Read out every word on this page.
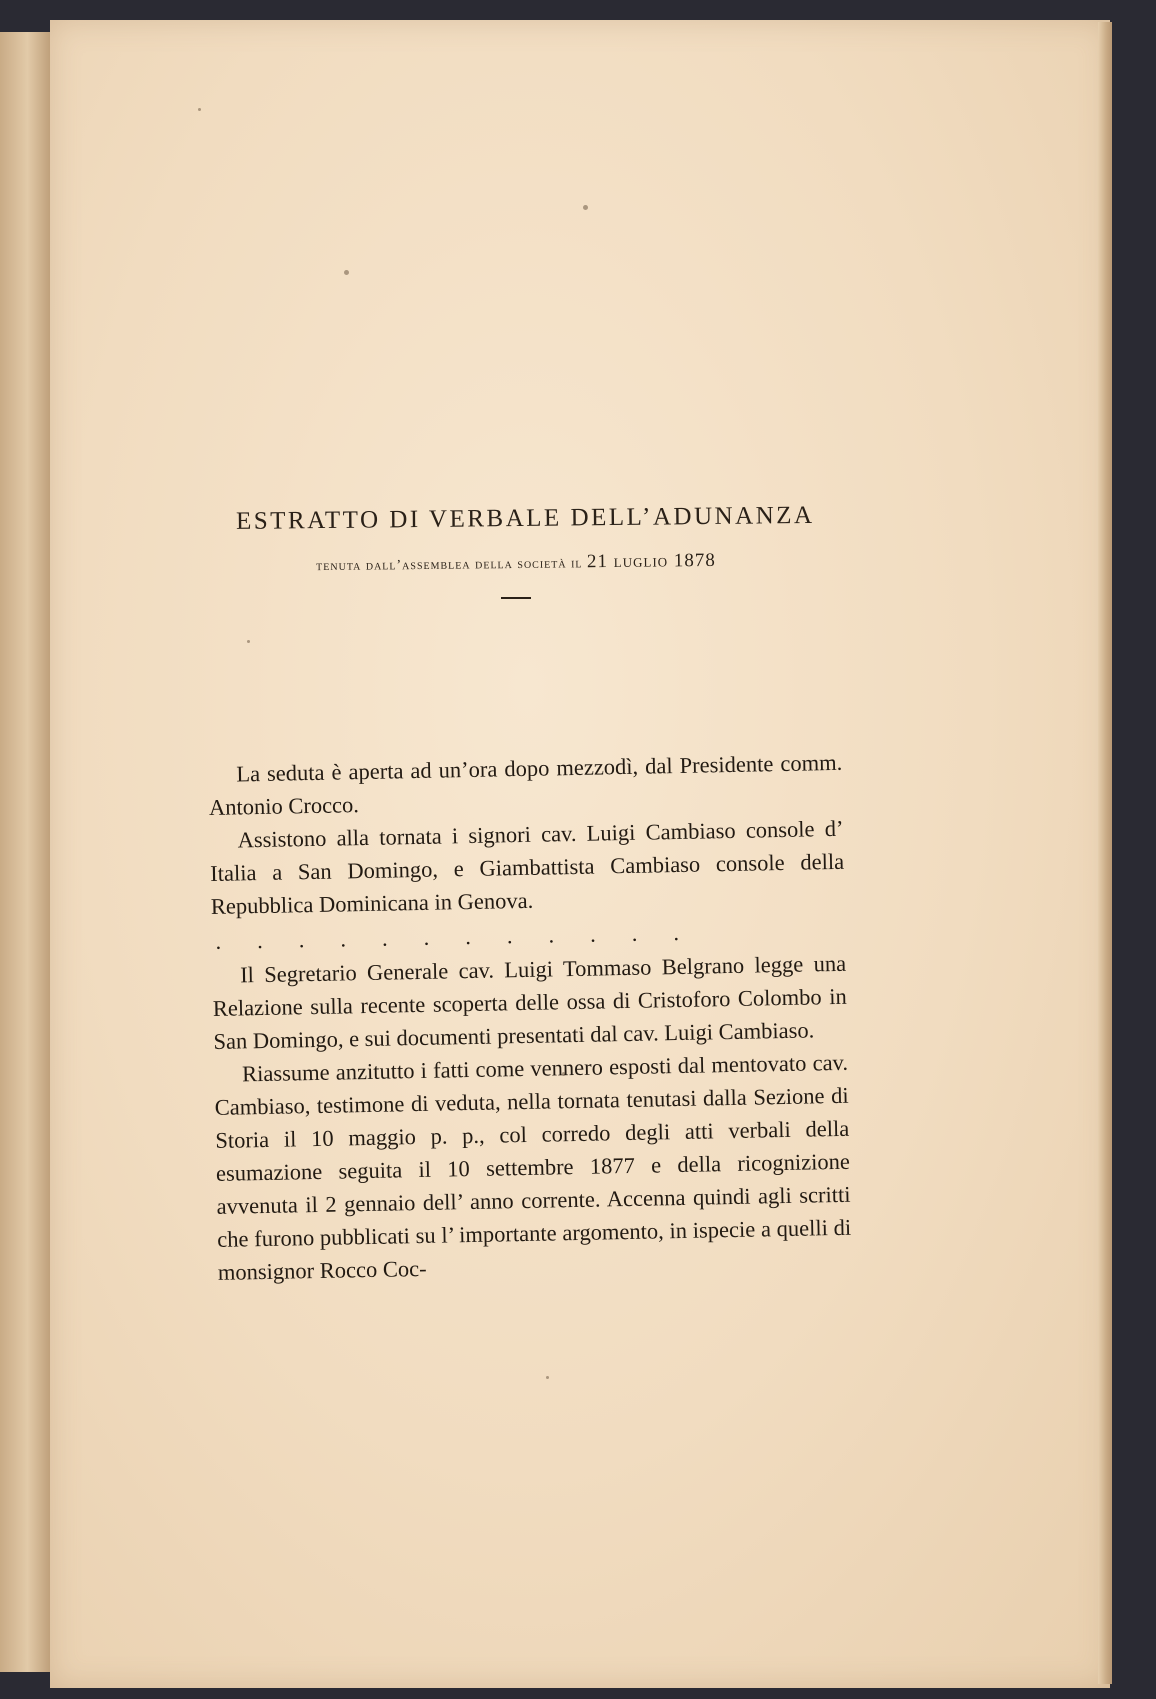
ESTRATTO DI VERBALE DELL’ADUNANZA
tenuta dall’assemblea della società il 21 luglio 1878

La seduta è aperta ad un’ora dopo mezzodì, dal Presidente comm. Antonio Crocco.

Assistono alla tornata i signori cav. Luigi Cambiaso console d’ Italia a San Domingo, e Giambattista Cambiaso console della Repubblica Dominicana in Genova.

............

Il Segretario Generale cav. Luigi Tommaso Belgrano legge una Relazione sulla recente scoperta delle ossa di Cristoforo Colombo in San Domingo, e sui documenti presentati dal cav. Luigi Cambiaso.

Riassume anzitutto i fatti come vennero esposti dal mentovato cav. Cambiaso, testimone di veduta, nella tornata tenutasi dalla Sezione di Storia il 10 maggio p. p., col corredo degli atti verbali della esumazione seguita il 10 settembre 1877 e della ricognizione avvenuta il 2 gennaio dell’ anno corrente. Accenna quindi agli scritti che furono pubblicati su l’ importante argomento, in ispecie a quelli di monsignor Rocco Coc-
